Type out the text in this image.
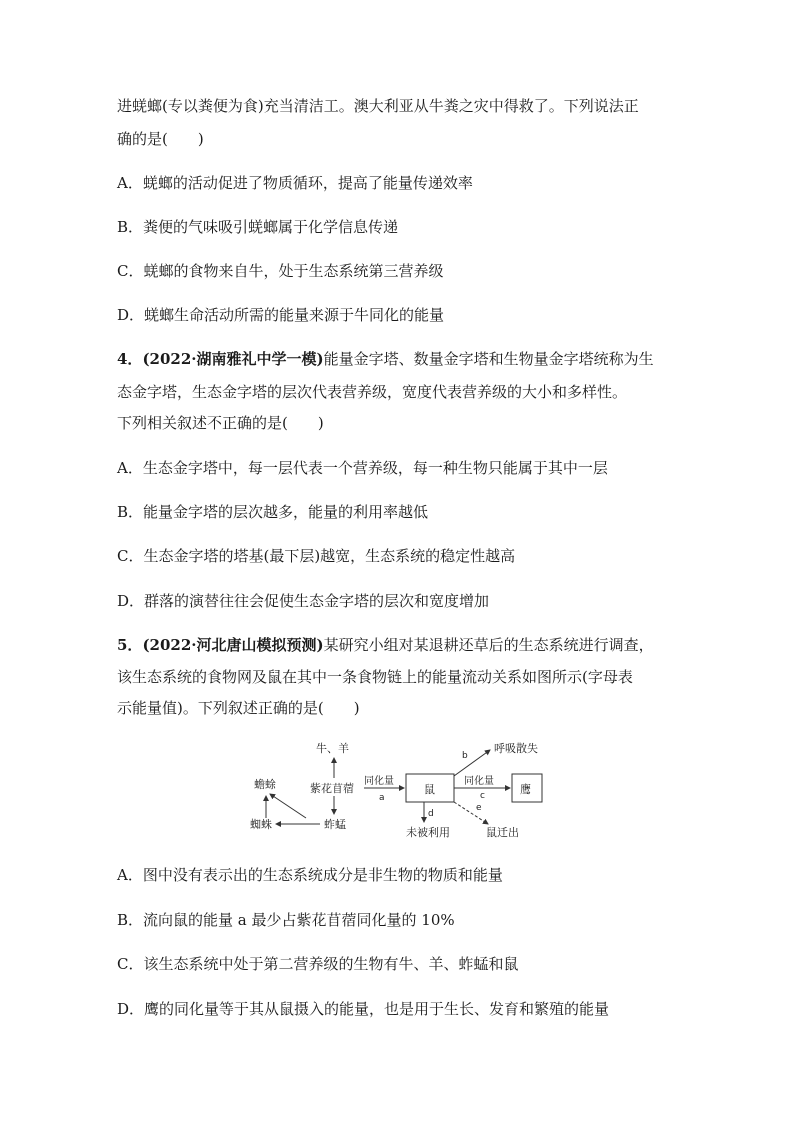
进蜣螂(专以粪便为食)充当清洁工。澳大利亚从牛粪之灾中得救了。下列说法正
确的是(　　)
A．蜣螂的活动促进了物质循环，提高了能量传递效率
B．粪便的气味吸引蜣螂属于化学信息传递
C．蜣螂的食物来自牛，处于生态系统第三营养级
D．蜣螂生命活动所需的能量来源于牛同化的能量
4．(2022·湖南雅礼中学一模)能量金字塔、数量金字塔和生物量金字塔统称为生
态金字塔，生态金字塔的层次代表营养级，宽度代表营养级的大小和多样性。
下列相关叙述不正确的是(　　)
A．生态金字塔中，每一层代表一个营养级，每一种生物只能属于其中一层
B．能量金字塔的层次越多，能量的利用率越低
C．生态金字塔的塔基(最下层)越宽，生态系统的稳定性越高
D．群落的演替往往会促使生态金字塔的层次和宽度增加
5．(2022·河北唐山模拟预测)某研究小组对某退耕还草后的生态系统进行调查，
该生态系统的食物网及鼠在其中一条食物链上的能量流动关系如图所示(字母表
示能量值)。下列叙述正确的是(　　)
牛、羊
蟾蜍	紫花苜蓿
蜘蛛	蚱蜢
同化量
a
鼠
b
呼吸散失
同化量
c	鹰
d
未被利用
e
鼠迁出
A．图中没有表示出的生态系统成分是非生物的物质和能量
B．流向鼠的能量 a 最少占紫花苜蓿同化量的 10%
C．该生态系统中处于第二营养级的生物有牛、羊、蚱蜢和鼠
D．鹰的同化量等于其从鼠摄入的能量，也是用于生长、发育和繁殖的能量
